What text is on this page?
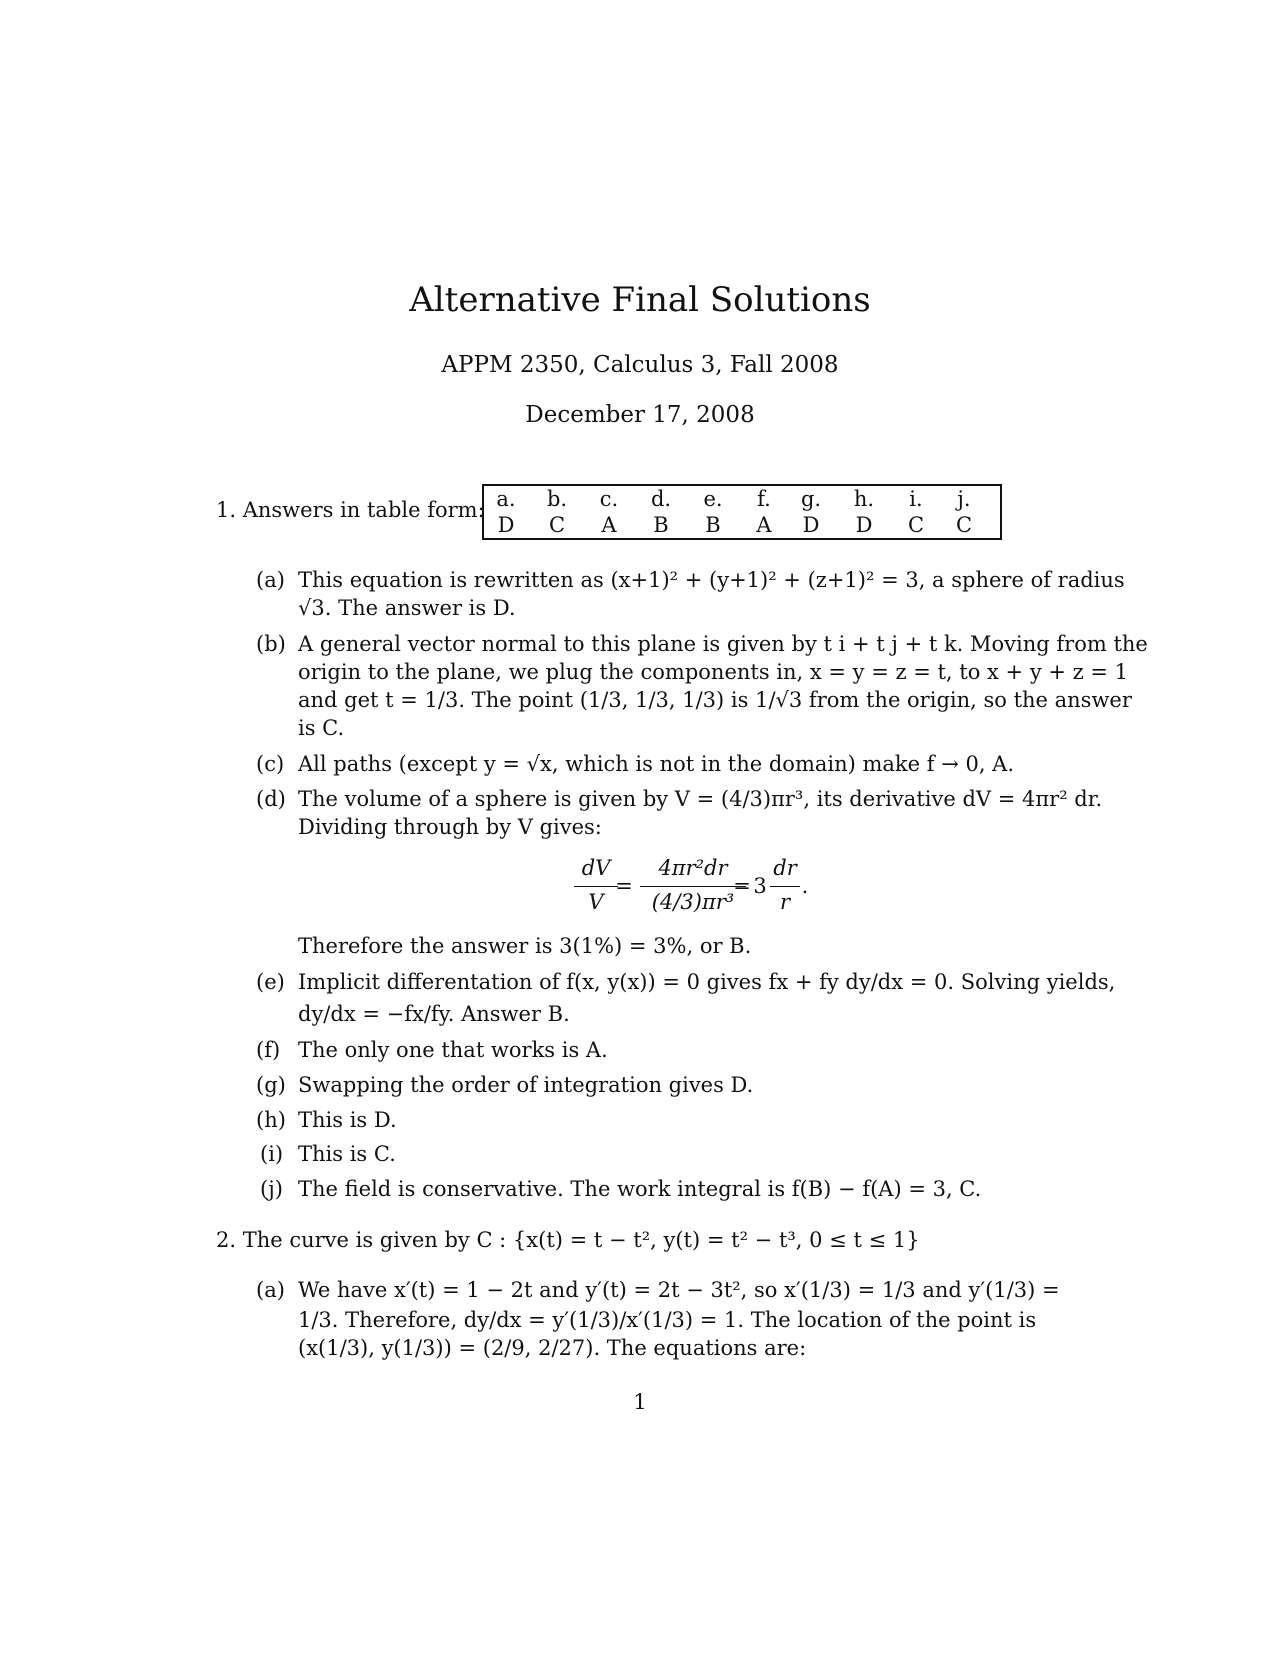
Alternative Final Solutions
APPM 2350, Calculus 3, Fall 2008
December 17, 2008
1. Answers in table form: a.	b.	c.	d.	e.	f.	g.	h.	i.	j.
D	C	A	B	B	A	D	D	C	C
(a) This equation is rewritten as (x+1)² + (y+1)² + (z+1)² = 3, a sphere of radius
√3. The answer is D.
(b) A general vector normal to this plane is given by t i + t j + t k. Moving from the
origin to the plane, we plug the components in, x = y = z = t, to x + y + z = 1
and get t = 1/3. The point (1/3, 1/3, 1/3) is 1/√3 from the origin, so the answer
is C.
(c) All paths (except y = √x, which is not in the domain) make f → 0, A.
(d) The volume of a sphere is given by V = (4/3)πr³, its derivative dV = 4πr² dr.
Dividing through by V gives:
dV
V
=
4πr²dr
(4/3)πr³
= 3
dr
r
.
Therefore the answer is 3(1%) = 3%, or B.
(e) Implicit differentation of f(x, y(x)) = 0 gives fx + fy dy/dx = 0. Solving yields,
dy/dx = −fx/fy. Answer B.
(f) The only one that works is A.
(g) Swapping the order of integration gives D.
(h) This is D.
(i) This is C.
(j) The field is conservative. The work integral is f(B) − f(A) = 3, C.
2. The curve is given by C : {x(t) = t − t², y(t) = t² − t³, 0 ≤ t ≤ 1}
(a) We have x′(t) = 1 − 2t and y′(t) = 2t − 3t², so x′(1/3) = 1/3 and y′(1/3) =
1/3. Therefore, dy/dx = y′(1/3)/x′(1/3) = 1. The location of the point is
(x(1/3), y(1/3)) = (2/9, 2/27). The equations are:
1
